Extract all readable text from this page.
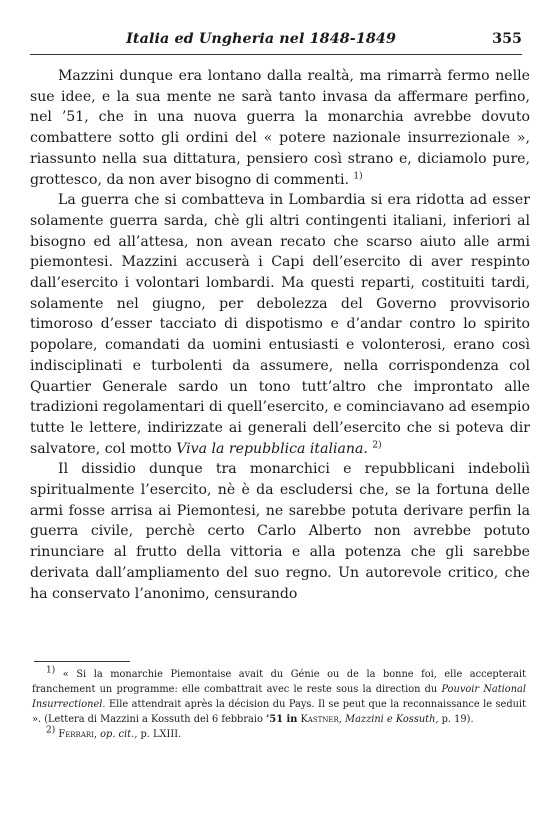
Italia ed Ungheria nel 1848-1849	355

Mazzini dunque era lontano dalla realtà, ma rimarrà fermo nelle sue idee, e la sua mente ne sarà tanto invasa da affermare perfino, nel ’51, che in una nuova guerra la monarchia avrebbe dovuto combattere sotto gli ordini del « potere nazionale insurrezionale », riassunto nella sua dittatura, pensiero così strano e, diciamolo pure, grottesco, da non aver bisogno di commenti. $^{1)}$

La guerra che si combatteva in Lombardia si era ridotta ad esser solamente guerra sarda, chè gli altri contingenti italiani, inferiori al bisogno ed all’attesa, non avean recato che scarso aiuto alle armi piemontesi. Mazzini accuserà i Capi dell’esercito di aver respinto dall’esercito i volontari lombardi. Ma questi reparti, costituiti tardi, solamente nel giugno, per debolezza del Governo provvisorio timoroso d’esser tacciato di dispotismo e d’andar contro lo spirito popolare, comandati da uomini entusiasti e volonterosi, erano così indisciplinati e turbolenti da assumere, nella corrispondenza col Quartier Generale sardo un tono tutt’altro che improntato alle tradizioni regolamentari di quell’esercito, e cominciavano ad esempio tutte le lettere, indirizzate ai generali dell’esercito che si poteva dir salvatore, col motto Viva la repubblica italiana. $^{2)}$

Il dissidio dunque tra monarchici e repubblicani indeboliì spiritualmente l’esercito, nè è da escludersi che, se la fortuna delle armi fosse arrisa ai Piemontesi, ne sarebbe potuta derivare perfin la guerra civile, perchè certo Carlo Alberto non avrebbe potuto rinunciare al frutto della vittoria e alla potenza che gli sarebbe derivata dall’ampliamento del suo regno. Un autorevole critico, che ha conservato l’anonimo, censurando

1) « Si la monarchie Piemontaise avait du Génie ou de la bonne foi, elle accepterait franchement un programme: elle combattrait avec le reste sous la direction du Pouvoir National Insurrectionel. Elle attendrait après la décision du Pays. Il se peut que la reconnaissance le seduit ». (Lettera di Mazzini a Kossuth del 6 febbraio ’51 in Kastner, Mazzini e Kossuth, p. 19).

2) Ferrari, op. cit., p. LXIII.
